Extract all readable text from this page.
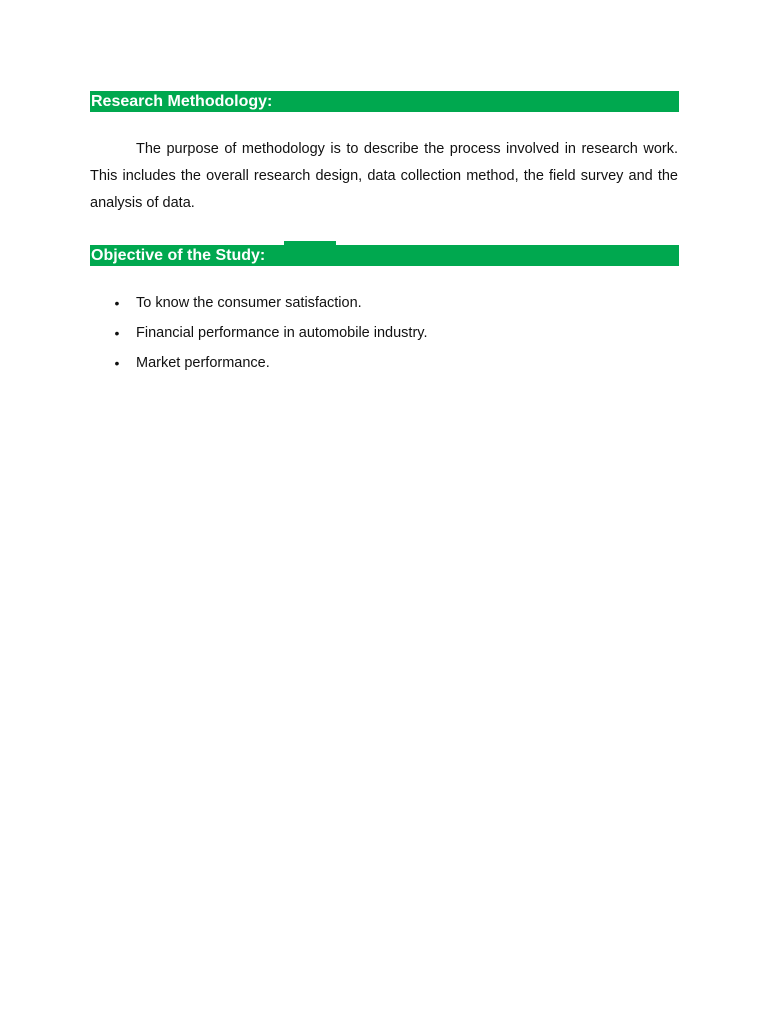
Research Methodology:

The purpose of methodology is to describe the process involved in research work. This includes the overall research design, data collection method, the field survey and the analysis of data.

Objective of the Study:
• To know the consumer satisfaction.
• Financial performance in automobile industry.
• Market performance.
